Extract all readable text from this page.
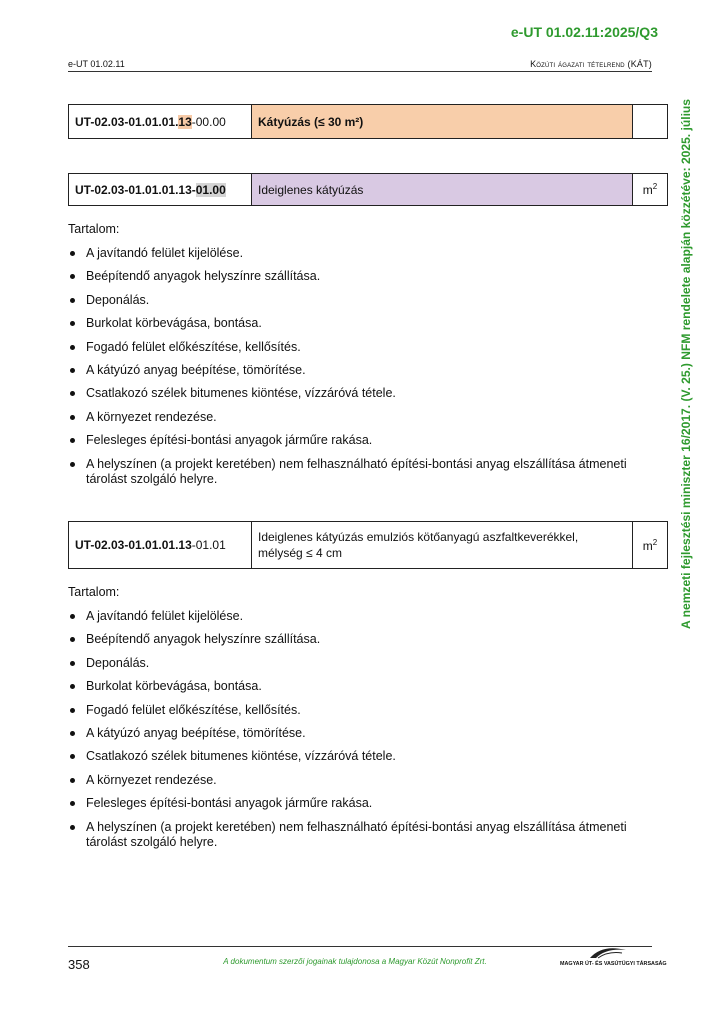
e-UT 01.02.11:2025/Q3
e-UT 01.02.11	Közúti ágazati tételrend (KÁT)
A nemzeti fejlesztési miniszter 16/2017. (V. 25.) NFM rendelete alapján közzétéve: 2025. július
UT-02.03-01.01.01.13-00.00	Kátyúzás (≤ 30 m²)	
UT-02.03-01.01.01.13-01.00	Ideiglenes kátyúzás	$m^2$
Tartalom:
A javítandó felület kijelölése.
Beépítendő anyagok helyszínre szállítása.
Deponálás.
Burkolat körbevágása, bontása.
Fogadó felület előkészítése, kellősítés.
A kátyúzó anyag beépítése, tömörítése.
Csatlakozó szélek bitumenes kiöntése, vízzáróvá tétele.
A környezet rendezése.
Felesleges építési-bontási anyagok járműre rakása.
A helyszínen (a projekt keretében) nem felhasználható építési-bontási anyag elszállítása átmeneti tárolást szolgáló helyre.
UT-02.03-01.01.01.13-01.01	Ideiglenes kátyúzás emulziós kötőanyagú aszfaltkeverékkel, mélység ≤ 4 cm	$m^2$
Tartalom:
A javítandó felület kijelölése.
Beépítendő anyagok helyszínre szállítása.
Deponálás.
Burkolat körbevágása, bontása.
Fogadó felület előkészítése, kellősítés.
A kátyúzó anyag beépítése, tömörítése.
Csatlakozó szélek bitumenes kiöntése, vízzáróvá tétele.
A környezet rendezése.
Felesleges építési-bontási anyagok járműre rakása.
A helyszínen (a projekt keretében) nem felhasználható építési-bontási anyag elszállítása átmeneti tárolást szolgáló helyre.
358	A dokumentum szerzői jogainak tulajdonosa a Magyar Közút Nonprofit Zrt.	MAGYAR ÚT- ÉS VASÚTÜGYI TÁRSASÁG
